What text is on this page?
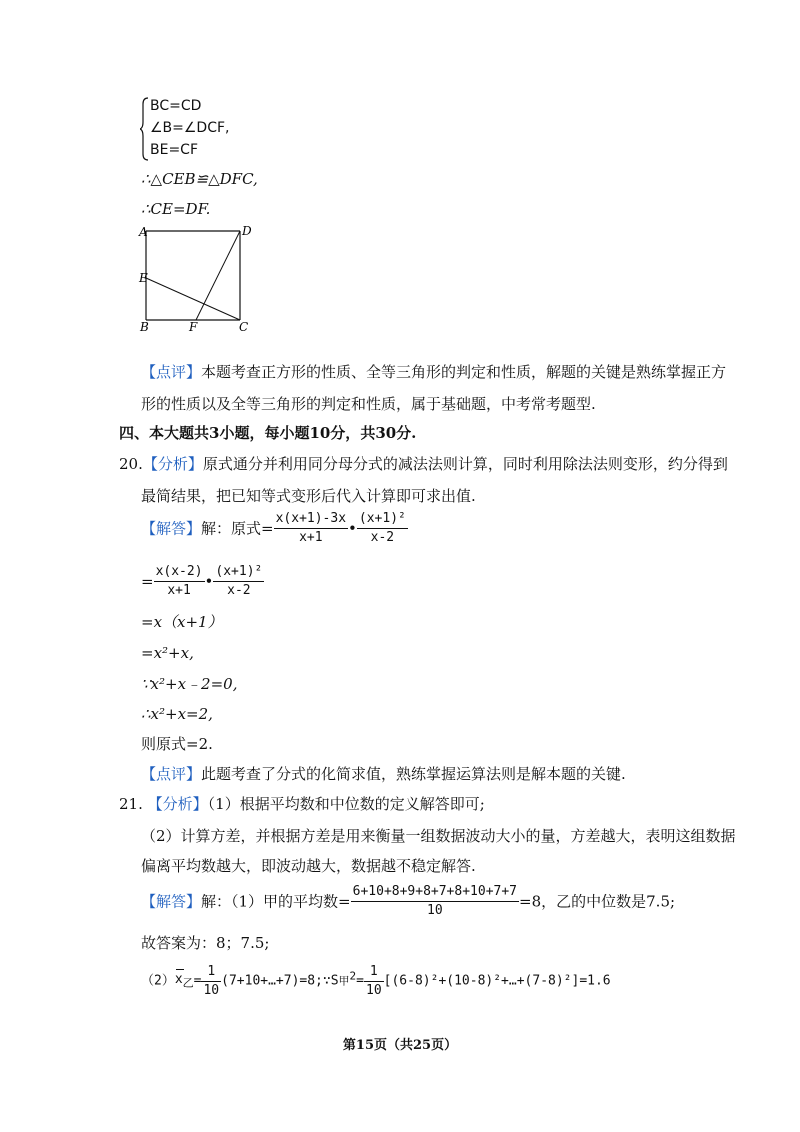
BC=CD
∠B=∠DCF,
BE=CF
∴△CEB≌△DFC,
∴CE=DF.
A	D
E
B	F	C
【点评】本题考查正方形的性质、全等三角形的判定和性质，解题的关键是熟练掌握正方
形的性质以及全等三角形的判定和性质，属于基础题，中考常考题型.
四、本大题共3小题，每小题10分，共30分.
20.【分析】原式通分并利用同分母分式的减法法则计算，同时利用除法法则变形，约分得到
最简结果，把已知等式变形后代入计算即可求出值.
【解答】解：原式= $\frac{x(x+1)-3x}{x+1}$ • $\frac{\text{(x+1)²}}{x-2}$
= $\frac{x(x-2)}{x+1}$ • $\frac{\text{(x+1)²}}{x-2}$
=x（x+1）
=x²+x,
∵x²+x﹣2=0,
∴x²+x=2,
则原式=2.
【点评】此题考查了分式的化简求值，熟练掌握运算法则是解本题的关键.
21. 【分析】（1）根据平均数和中位数的定义解答即可;
（2）计算方差，并根据方差是用来衡量一组数据波动大小的量，方差越大，表明这组数据
偏离平均数越大，即波动越大，数据越不稳定解答.
【解答】解：（1）甲的平均数= $\frac{6+10+8+9+8+7+8+10+7+7}{10} =8$，乙的中位数是7.5;
故答案为：8；7.5;
（2）
$x_乙= \frac{1}{10}$ (7+10+…+7)=8;∵S甲$^2= \frac{1}{10}$ [(6-8)²+(10-8)²+…+(7-8)²]=1.6
第15页（共25页）
